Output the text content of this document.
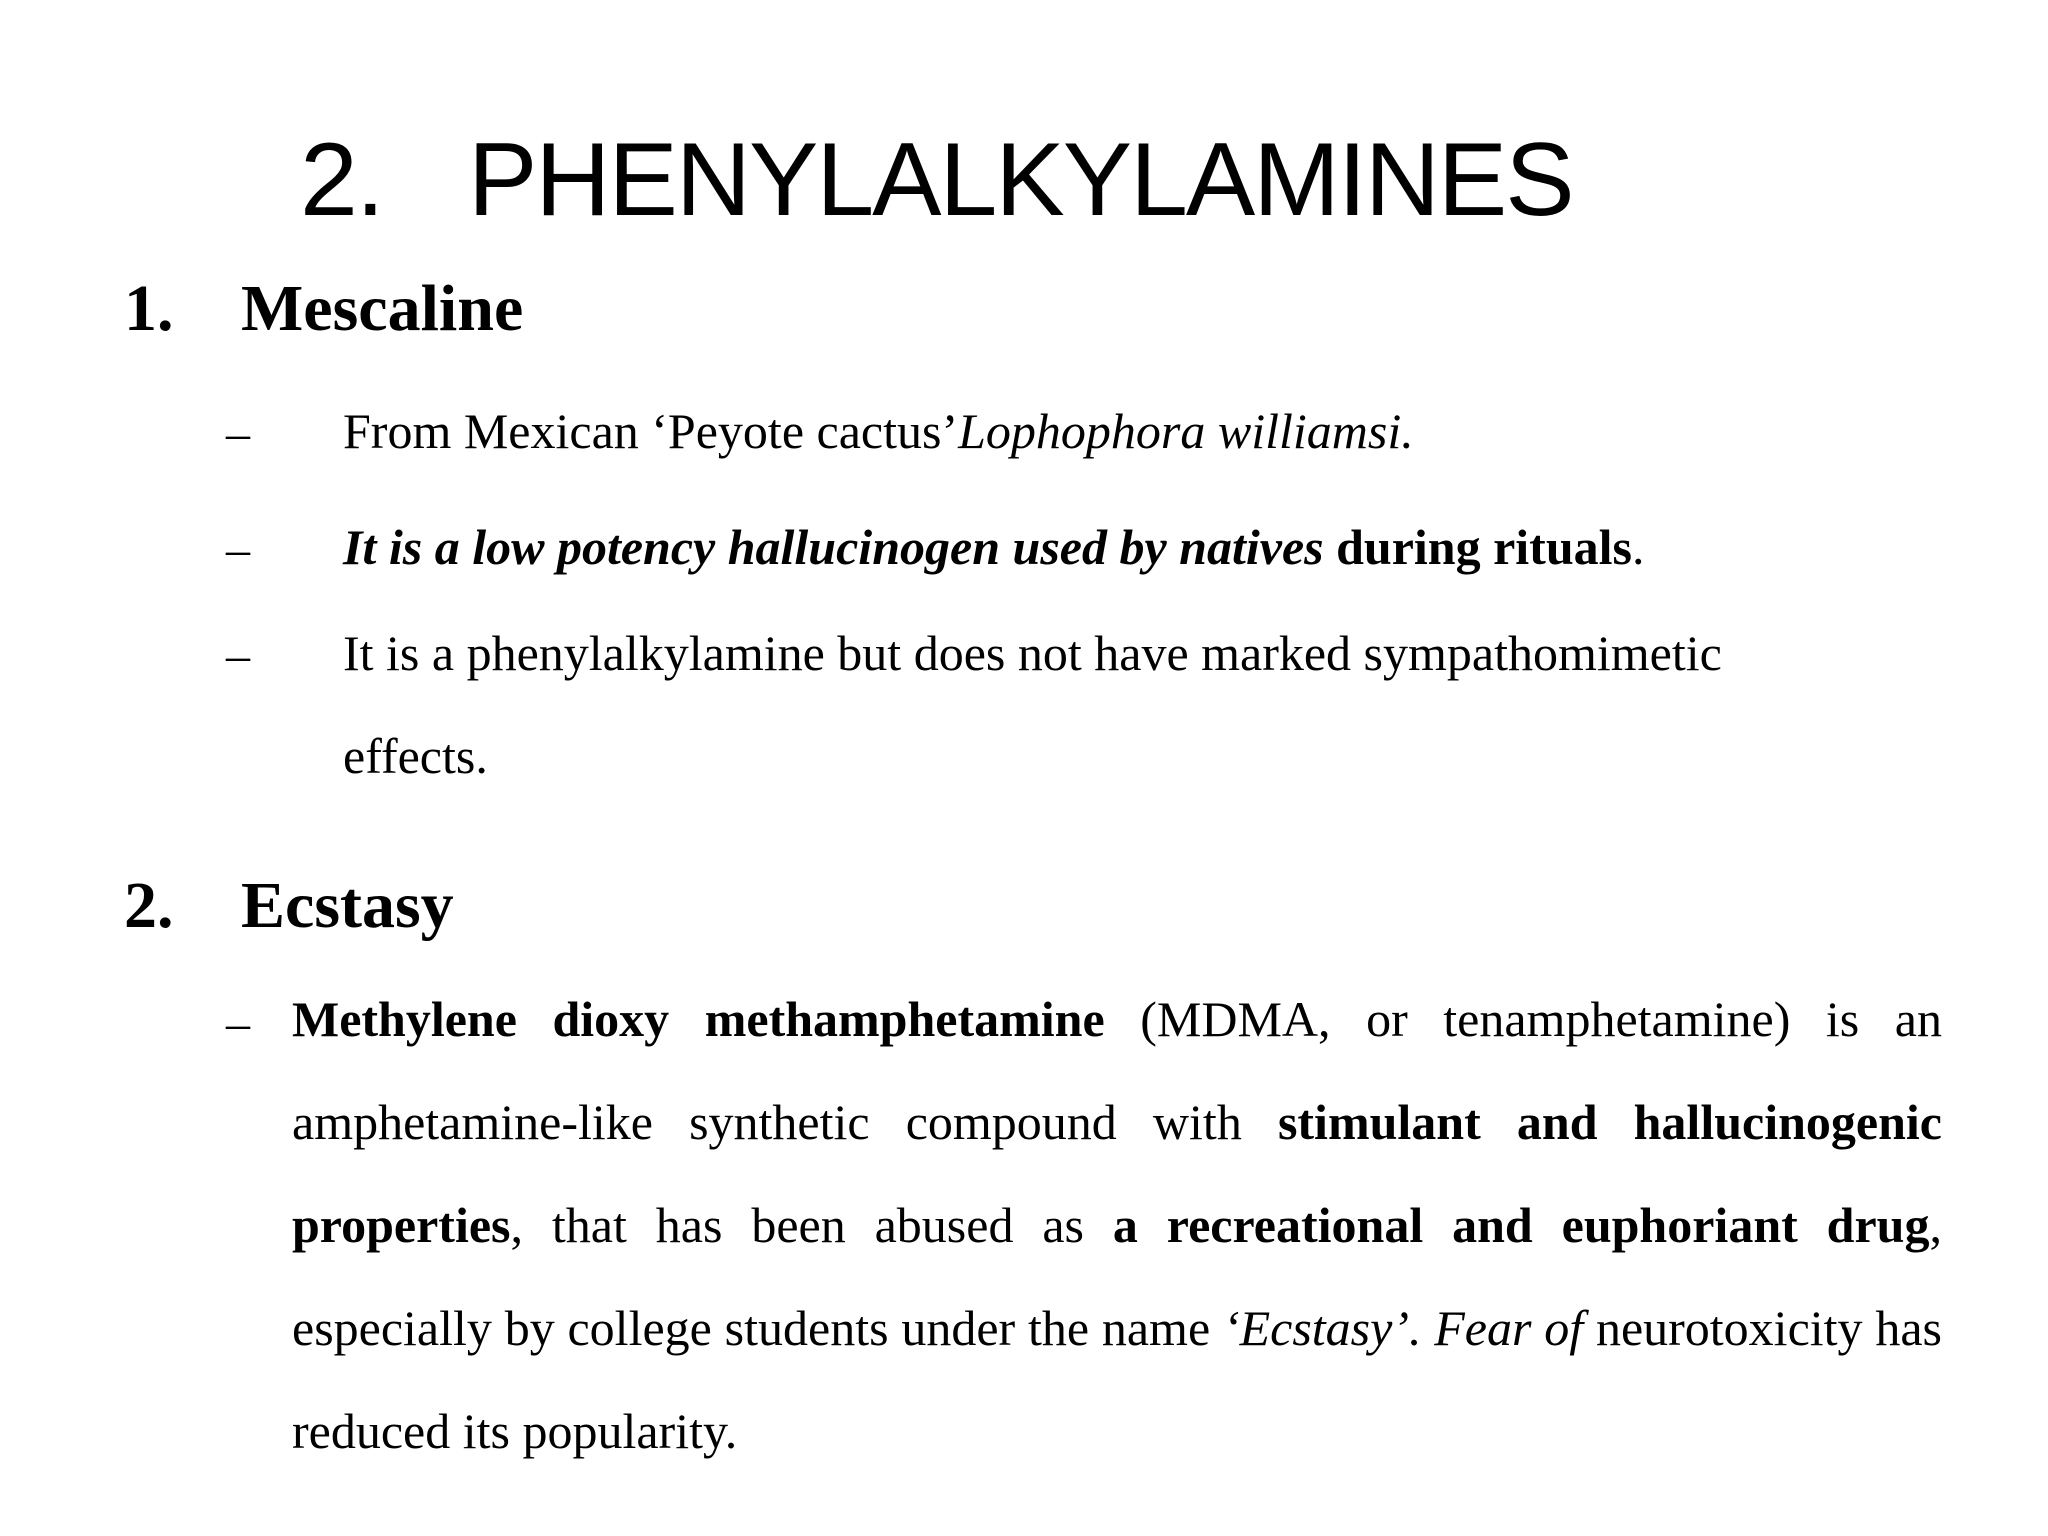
2. PHENYLALKYLAMINES
1. Mescaline
– From Mexican ‘Peyote cactus’Lophophora williamsi.
– It is a low potency hallucinogen used by natives during rituals.
– It is a phenylalkylamine but does not have marked sympathomimetic
effects.
2. Ecstasy
– Methylene dioxy methamphetamine (MDMA, or tenamphetamine) is an amphetamine-like synthetic compound with stimulant and hallucinogenic properties, that has been abused as a recreational and euphoriant drug, especially by college students under the name ‘Ecstasy’. Fear of neurotoxicity has reduced its popularity.
